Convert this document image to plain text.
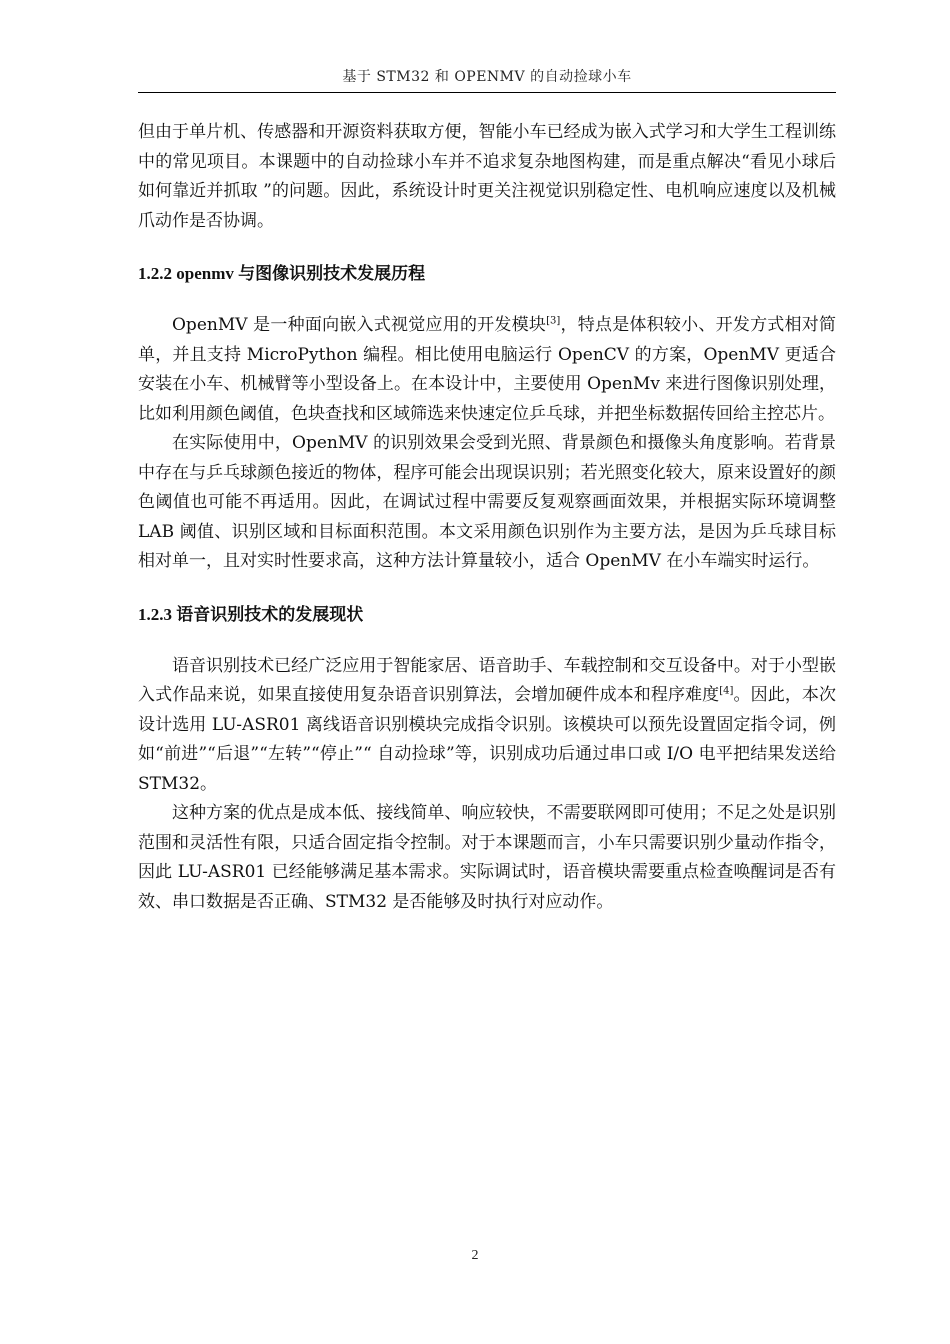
基于 STM32 和 OPENMV 的自动捡球小车

但由于单片机、传感器和开源资料获取方便，智能小车已经成为嵌入式学习和大学生工程训练中的常见项目。本课题中的自动捡球小车并不追求复杂地图构建，而是重点解决“看见小球后如何靠近并抓取 ”的问题。因此，系统设计时更关注视觉识别稳定性、电机响应速度以及机械爪动作是否协调。

1.2.2 openmv 与图像识别技术发展历程

OpenMV 是一种面向嵌入式视觉应用的开发模块[3]，特点是体积较小、开发方式相对简单，并且支持 MicroPython 编程。相比使用电脑运行 OpenCV 的方案，OpenMV 更适合安装在小车、机械臂等小型设备上。在本设计中，主要使用 OpenMv 来进行图像识别处理，比如利用颜色阈值，色块查找和区域筛选来快速定位乒乓球，并把坐标数据传回给主控芯片。

在实际使用中，OpenMV 的识别效果会受到光照、背景颜色和摄像头角度影响。若背景中存在与乒乓球颜色接近的物体，程序可能会出现误识别；若光照变化较大，原来设置好的颜色阈值也可能不再适用。因此，在调试过程中需要反复观察画面效果，并根据实际环境调整 LAB 阈值、识别区域和目标面积范围。本文采用颜色识别作为主要方法，是因为乒乓球目标相对单一，且对实时性要求高，这种方法计算量较小，适合 OpenMV 在小车端实时运行。

1.2.3 语音识别技术的发展现状

语音识别技术已经广泛应用于智能家居、语音助手、车载控制和交互设备中。对于小型嵌入式作品来说，如果直接使用复杂语音识别算法，会增加硬件成本和程序难度[4]。因此，本次设计选用 LU-ASR01 离线语音识别模块完成指令识别。该模块可以预先设置固定指令词，例如“前进”“后退”“左转”“停止”“ 自动捡球”等，识别成功后通过串口或 I/O 电平把结果发送给 STM32。

这种方案的优点是成本低、接线简单、响应较快，不需要联网即可使用；不足之处是识别范围和灵活性有限，只适合固定指令控制。对于本课题而言，小车只需要识别少量动作指令，因此 LU-ASR01 已经能够满足基本需求。实际调试时，语音模块需要重点检查唤醒词是否有效、串口数据是否正确、STM32 是否能够及时执行对应动作。

2
